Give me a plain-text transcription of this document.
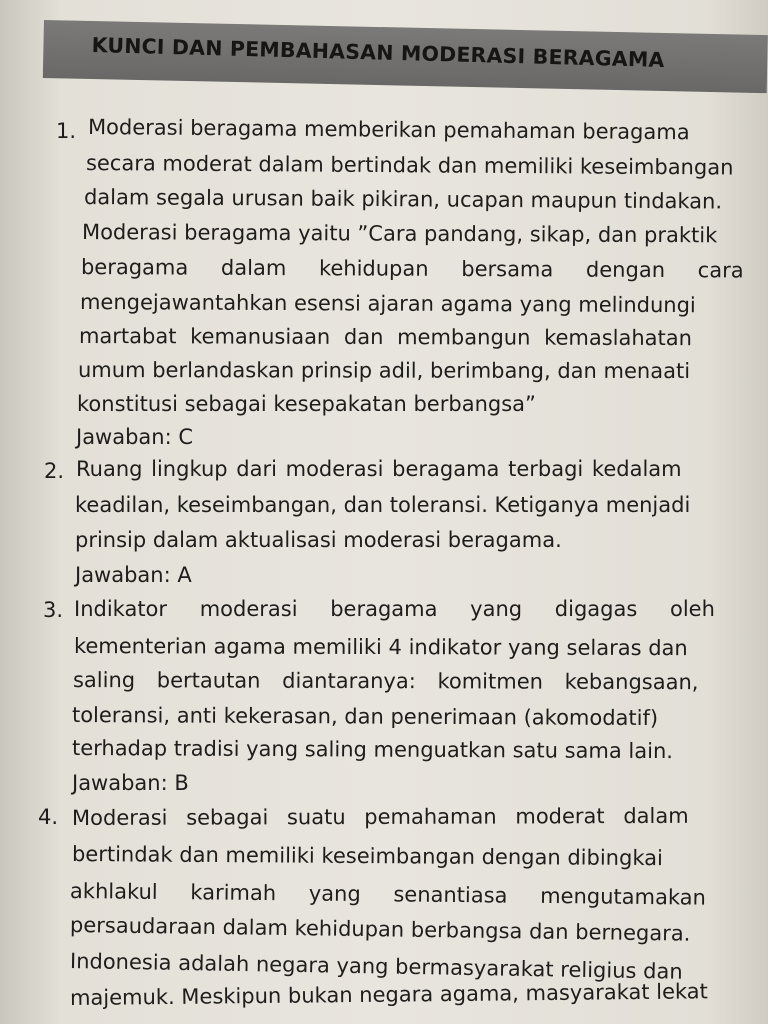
KUNCI DAN PEMBAHASAN MODERASI BERAGAMA
1. Moderasi beragama memberikan pemahaman beragama
secara moderat dalam bertindak dan memiliki keseimbangan
dalam segala urusan baik pikiran, ucapan maupun tindakan.
Moderasi beragama yaitu ”Cara pandang, sikap, dan praktik
beragama dalam kehidupan bersama dengan cara
mengejawantahkan esensi ajaran agama yang melindungi
martabat kemanusiaan dan membangun kemaslahatan
umum berlandaskan prinsip adil, berimbang, dan menaati
konstitusi sebagai kesepakatan berbangsa”
Jawaban: C
2. Ruang lingkup dari moderasi beragama terbagi kedalam
keadilan, keseimbangan, dan toleransi. Ketiganya menjadi
prinsip dalam aktualisasi moderasi beragama.
Jawaban: A
3. Indikator moderasi beragama yang digagas oleh
kementerian agama memiliki 4 indikator yang selaras dan
saling bertautan diantaranya: komitmen kebangsaan,
toleransi, anti kekerasan, dan penerimaan (akomodatif)
terhadap tradisi yang saling menguatkan satu sama lain.
Jawaban: B
4. Moderasi sebagai suatu pemahaman moderat dalam
bertindak dan memiliki keseimbangan dengan dibingkai
akhlakul karimah yang senantiasa mengutamakan
persaudaraan dalam kehidupan berbangsa dan bernegara.
Indonesia adalah negara yang bermasyarakat religius dan
majemuk. Meskipun bukan negara agama, masyarakat lekat
